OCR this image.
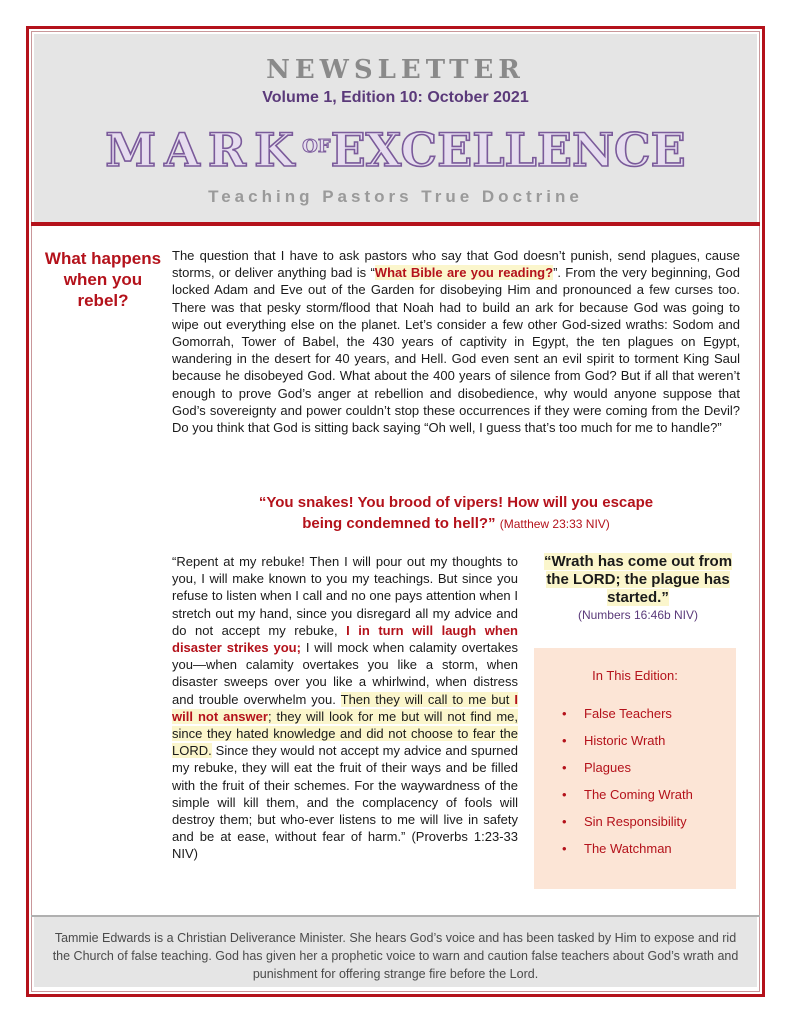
NEWSLETTER
Volume 1, Edition 10: October 2021
$MARK^{OF}EXCELLENCE$
Teaching Pastors True Doctrine
What happens when you rebel?
The question that I have to ask pastors who say that God doesn’t punish, send plagues, cause storms, or deliver anything bad is “What Bible are you reading?”. From the very beginning, God locked Adam and Eve out of the Garden for disobeying Him and pronounced a few curses too. There was that pesky storm/flood that Noah had to build an ark for because God was going to wipe out everything else on the planet. Let’s consider a few other God-sized wraths: Sodom and Gomorrah, Tower of Babel, the 430 years of captivity in Egypt, the ten plagues on Egypt, wandering in the desert for 40 years, and Hell. God even sent an evil spirit to torment King Saul because he disobeyed God. What about the 400 years of silence from God? But if all that weren’t enough to prove God’s anger at rebellion and disobedience, why would anyone suppose that God’s sovereignty and power couldn’t stop these occurrences if they were coming from the Devil? Do you think that God is sitting back saying “Oh well, I guess that’s too much for me to handle?”
“You snakes! You brood of vipers! How will you escape
being condemned to hell?” (Matthew 23:33 NIV)
“Repent at my rebuke! Then I will pour out my thoughts to you, I will make known to you my teachings. But since you refuse to listen when I call and no one pays attention when I stretch out my hand, since you disregard all my advice and do not accept my rebuke, I in turn will laugh when disaster strikes you; I will mock when calamity overtakes you—when calamity overtakes you like a storm, when disaster sweeps over you like a whirlwind, when distress and trouble overwhelm you. Then they will call to me but I will not answer; they will look for me but will not find me, since they hated knowledge and did not choose to fear the LORD. Since they would not accept my advice and spurned my rebuke, they will eat the fruit of their ways and be filled with the fruit of their schemes. For the waywardness of the simple will kill them, and the complacency of fools will destroy them; but who-ever listens to me will live in safety and be at ease, without fear of harm.” (Proverbs 1:23-33 NIV)
“Wrath has come out from the LORD; the plague has started.”
(Numbers 16:46b NIV)
In This Edition:
• False Teachers
• Historic Wrath
• Plagues
• The Coming Wrath
• Sin Responsibility
• The Watchman
Tammie Edwards is a Christian Deliverance Minister. She hears God’s voice and has been tasked by Him to expose and rid the Church of false teaching. God has given her a prophetic voice to warn and caution false teachers about God’s wrath and punishment for offering strange fire before the Lord.
